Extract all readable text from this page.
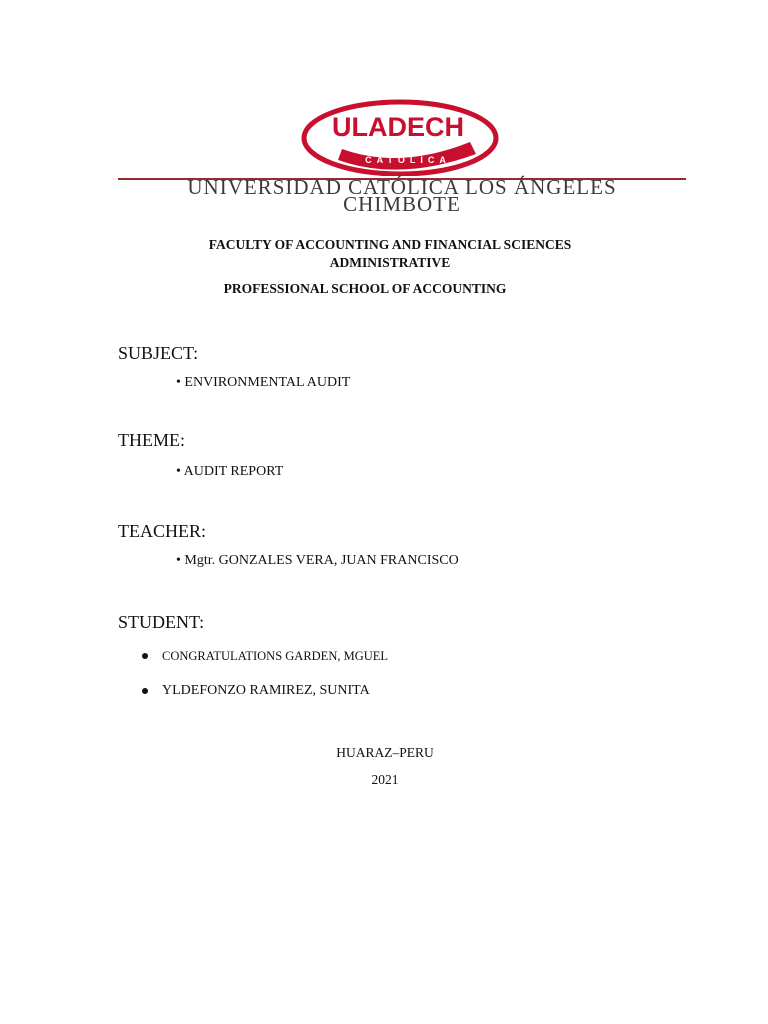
ULADECH
CATÓLICA
UNIVERSIDAD CATÓLICA LOS ÁNGELES
CHIMBOTE
FACULTY OF ACCOUNTING AND FINANCIAL SCIENCES
ADMINISTRATIVE
PROFESSIONAL SCHOOL OF ACCOUNTING
SUBJECT:
• ENVIRONMENTAL AUDIT
THEME:
• AUDIT REPORT
TEACHER:
• Mgtr. GONZALES VERA, JUAN FRANCISCO
STUDENT:
CONGRATULATIONS GARDEN, MGUEL
YLDEFONZO RAMIREZ, SUNITA
HUARAZ–PERU
2021
